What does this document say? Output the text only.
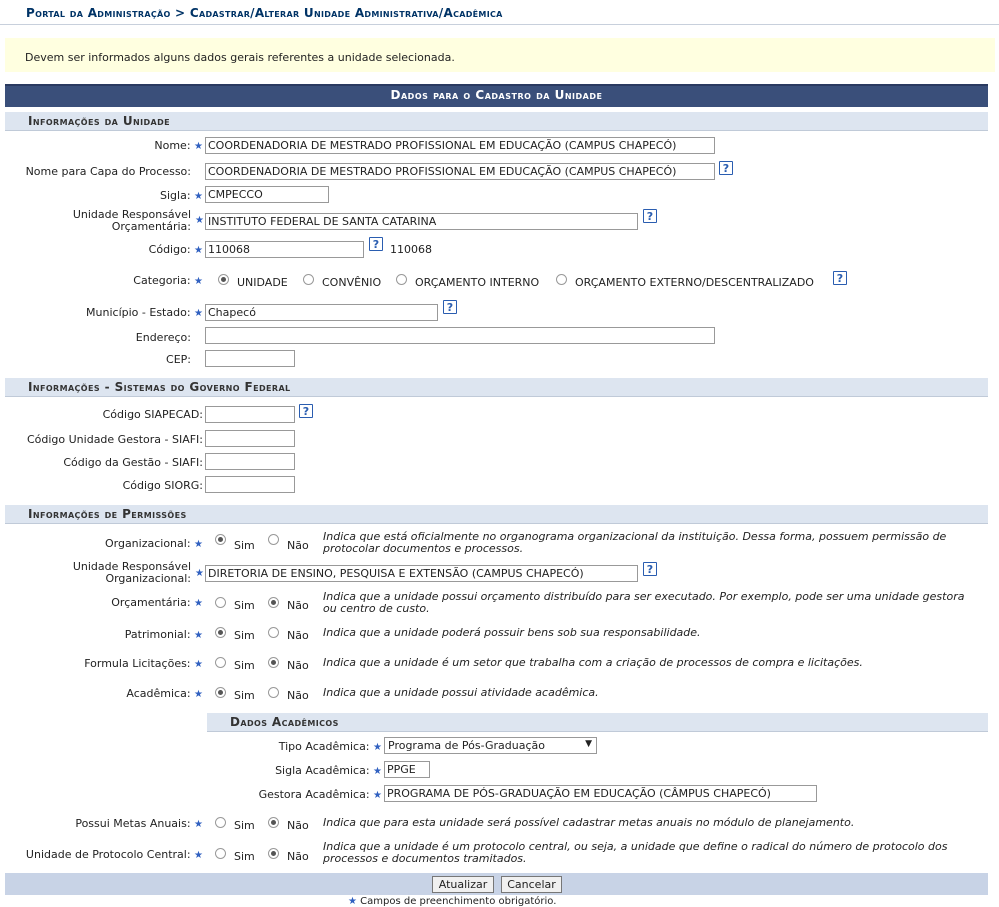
Portal da Administração > Cadastrar/Alterar Unidade Administrativa/Acadêmica
Devem ser informados alguns dados gerais referentes a unidade selecionada.
Dados para o Cadastro da Unidade
Informações da Unidade
Nome: ★ COORDENADORIA DE MESTRADO PROFISSIONAL EM EDUCAÇÃO (CAMPUS CHAPECÓ)
Nome para Capa do Processo: COORDENADORIA DE MESTRADO PROFISSIONAL EM EDUCAÇÃO (CAMPUS CHAPECÓ)	?
Sigla: ★ CMPECCO
Unidade Responsável
Orçamentária: ★ INSTITUTO FEDERAL DE SANTA CATARINA	?
Código: ★ 110068	? 110068
Categoria: ★	UNIDADE	CONVÊNIO	ORÇAMENTO INTERNO	ORÇAMENTO EXTERNO/DESCENTRALIZADO	?
Município - Estado: ★ Chapecó	?
Endereço:
CEP:
Informações - Sistemas do Governo Federal
Código SIAPECAD:	?
Código Unidade Gestora - SIAFI:
Código da Gestão - SIAFI:
Código SIORG:
Informações de Permissões
Organizacional: ★	Sim	Não
Indica que está oficialmente no organograma organizacional da instituição. Dessa forma, possuem permissão de
protocolar documentos e processos.
Unidade Responsável
Organizacional: ★ DIRETORIA DE ENSINO, PESQUISA E EXTENSÃO (CAMPUS CHAPECÓ)	?
Orçamentária: ★	Sim	Não
Indica que a unidade possui orçamento distribuído para ser executado. Por exemplo, pode ser uma unidade gestora
ou centro de custo.
Patrimonial: ★	Sim	Não Indica que a unidade poderá possuir bens sob sua responsabilidade.
Formula Licitações: ★	Sim	Não Indica que a unidade é um setor que trabalha com a criação de processos de compra e licitações.
Acadêmica: ★	Sim	Não Indica que a unidade possui atividade acadêmica.
Dados Acadêmicos
Tipo Acadêmica: ★ Programa de Pós-Graduação	▼
Sigla Acadêmica: ★ PPGE
Gestora Acadêmica: ★ PROGRAMA DE PÓS-GRADUAÇÃO EM EDUCAÇÃO (CÂMPUS CHAPECÓ)
Possui Metas Anuais: ★	Sim	Não Indica que para esta unidade será possível cadastrar metas anuais no módulo de planejamento.
Unidade de Protocolo Central: ★	Sim	Não
Indica que a unidade é um protocolo central, ou seja, a unidade que define o radical do número de protocolo dos
processos e documentos tramitados.
Atualizar	Cancelar
★ Campos de preenchimento obrigatório.
